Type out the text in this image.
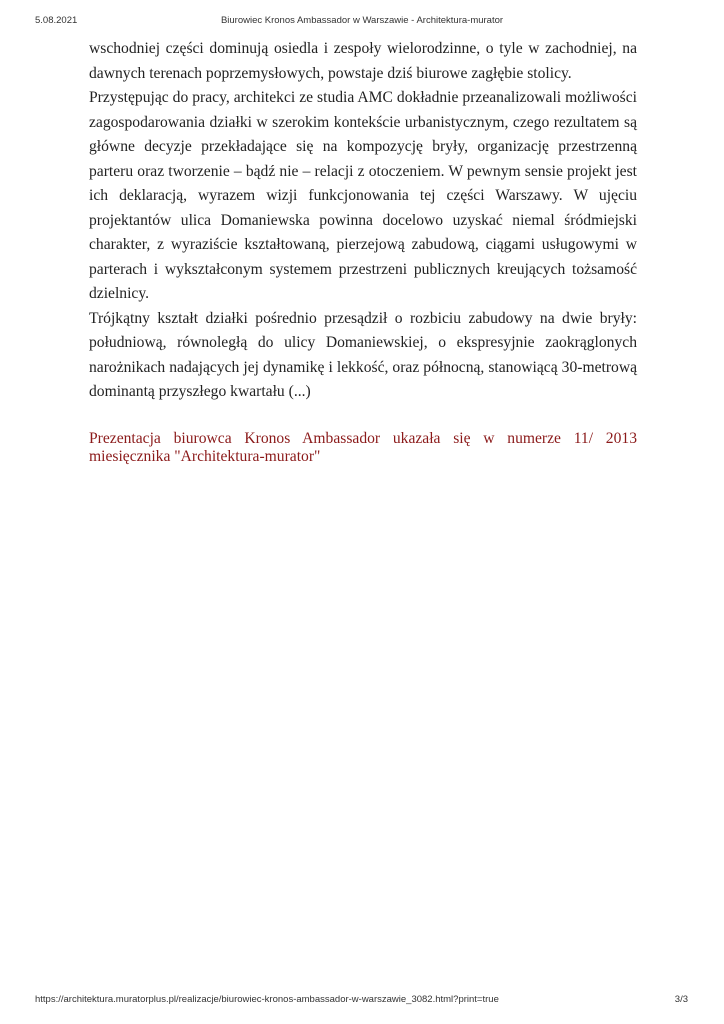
5.08.2021	Biurowiec Kronos Ambassador w Warszawie - Architektura-murator

wschodniej części dominują osiedla i zespoły wielorodzinne, o tyle w zachodniej, na dawnych terenach poprzemysłowych, powstaje dziś biurowe zagłębie stolicy.

Przystępując do pracy, architekci ze studia AMC dokładnie przeanalizowali możliwości zagospodarowania działki w szerokim kontekście urbanistycznym, czego rezultatem są główne decyzje przekładające się na kompozycję bryły, organizację przestrzenną parteru oraz tworzenie – bądź nie – relacji z otoczeniem. W pewnym sensie projekt jest ich deklaracją, wyrazem wizji funkcjonowania tej części Warszawy. W ujęciu projektantów ulica Domaniewska powinna docelowo uzyskać niemal śródmiejski charakter, z wyraziście kształtowaną, pierzejową zabudową, ciągami usługowymi w parterach i wykształconym systemem przestrzeni publicznych kreujących tożsamość dzielnicy.

Trójkątny kształt działki pośrednio przesądził o rozbiciu zabudowy na dwie bryły: południową, równoległą do ulicy Domaniewskiej, o ekspresyjnie zaokrąglonych narożnikach nadających jej dynamikę i lekkość, oraz północną, stanowiącą 30-metrową dominantą przyszłego kwartału (...)

Prezentacja biurowca Kronos Ambassador ukazała się w numerze 11/ 2013 miesięcznika "Architektura-murator"
https://architektura.muratorplus.pl/realizacje/biurowiec-kronos-ambassador-w-warszawie_3082.html?print=true	3/3
